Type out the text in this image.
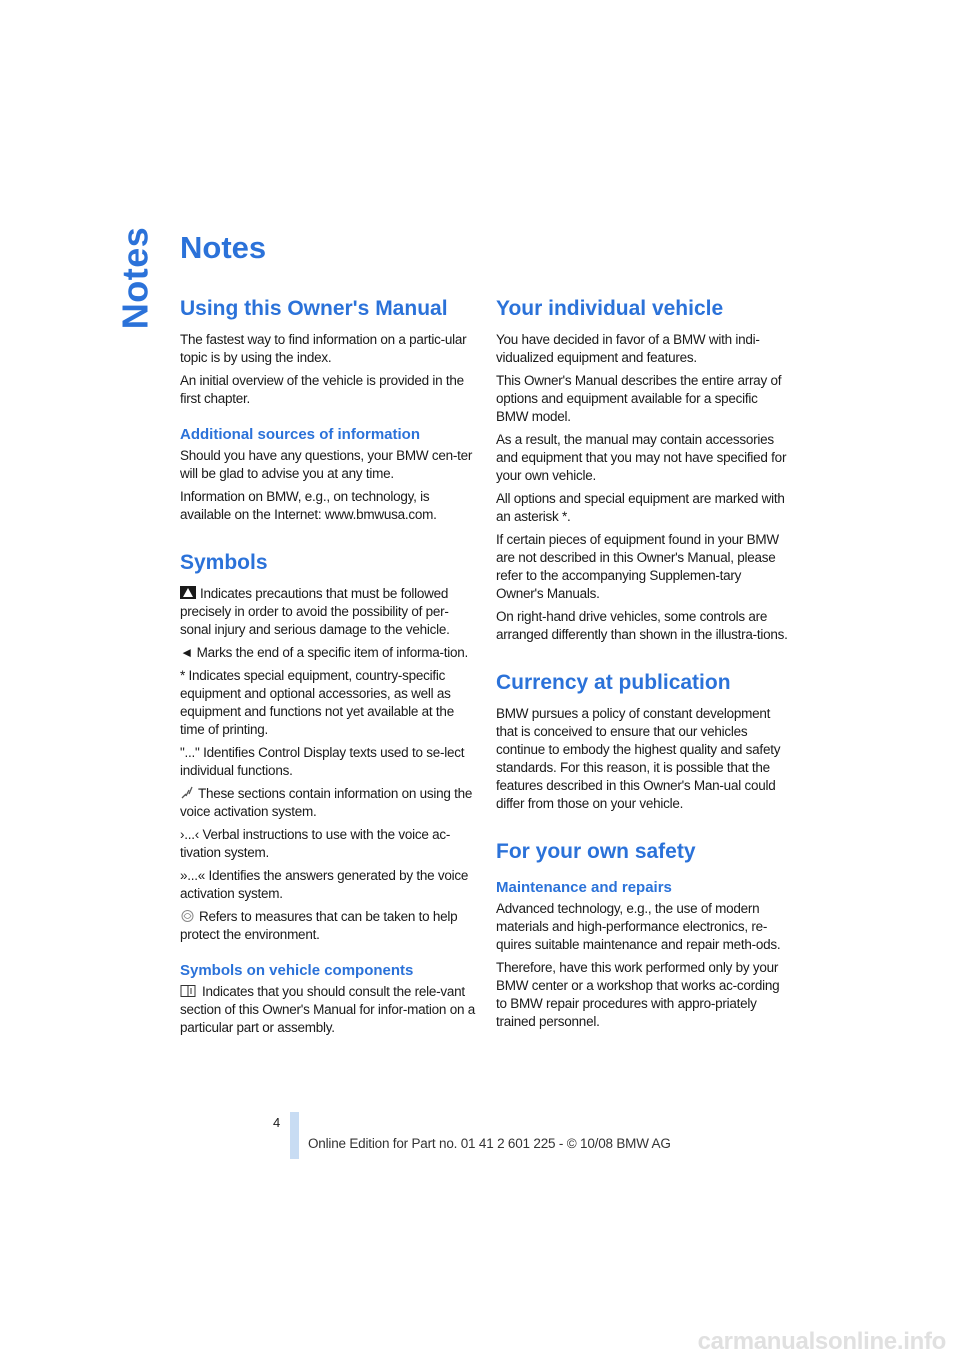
Notes Notes
Using this Owner's Manual

The fastest way to find information on a partic-ular topic is by using the index.

An initial overview of the vehicle is provided in the first chapter.

Additional sources of information

Should you have any questions, your BMW cen-ter will be glad to advise you at any time.

Information on BMW, e.g., on technology, is available on the Internet: www.bmwusa.com.

Symbols

Indicates precautions that must be followed precisely in order to avoid the possibility of per-sonal injury and serious damage to the vehicle.

◄ Marks the end of a specific item of informa-tion.

* Indicates special equipment, country-specific equipment and optional accessories, as well as equipment and functions not yet available at the time of printing.

"..." Identifies Control Display texts used to se-lect individual functions.

These sections contain information on using the voice activation system.

›...‹ Verbal instructions to use with the voice ac-tivation system.

»...« Identifies the answers generated by the voice activation system.

Refers to measures that can be taken to help protect the environment.

Symbols on vehicle components

Indicates that you should consult the rele-vant section of this Owner's Manual for infor-mation on a particular part or assembly.

Your individual vehicle

You have decided in favor of a BMW with indi-vidualized equipment and features.

This Owner's Manual describes the entire array of options and equipment available for a specific BMW model.

As a result, the manual may contain accessories and equipment that you may not have specified for your own vehicle.

All options and special equipment are marked with an asterisk *.

If certain pieces of equipment found in your BMW are not described in this Owner's Manual, please refer to the accompanying Supplemen-tary Owner's Manuals.

On right-hand drive vehicles, some controls are arranged differently than shown in the illustra-tions.

Currency at publication

BMW pursues a policy of constant development that is conceived to ensure that our vehicles continue to embody the highest quality and safety standards. For this reason, it is possible that the features described in this Owner's Man-ual could differ from those on your vehicle.

For your own safety
Maintenance and repairs

Advanced technology, e.g., the use of modern materials and high-performance electronics, re-quires suitable maintenance and repair meth-ods.

Therefore, have this work performed only by your BMW center or a workshop that works ac-cording to BMW repair procedures with appro-priately trained personnel.

4
Online Edition for Part no. 01 41 2 601 225 - © 10/08 BMW AG
carmanualsonline.info
